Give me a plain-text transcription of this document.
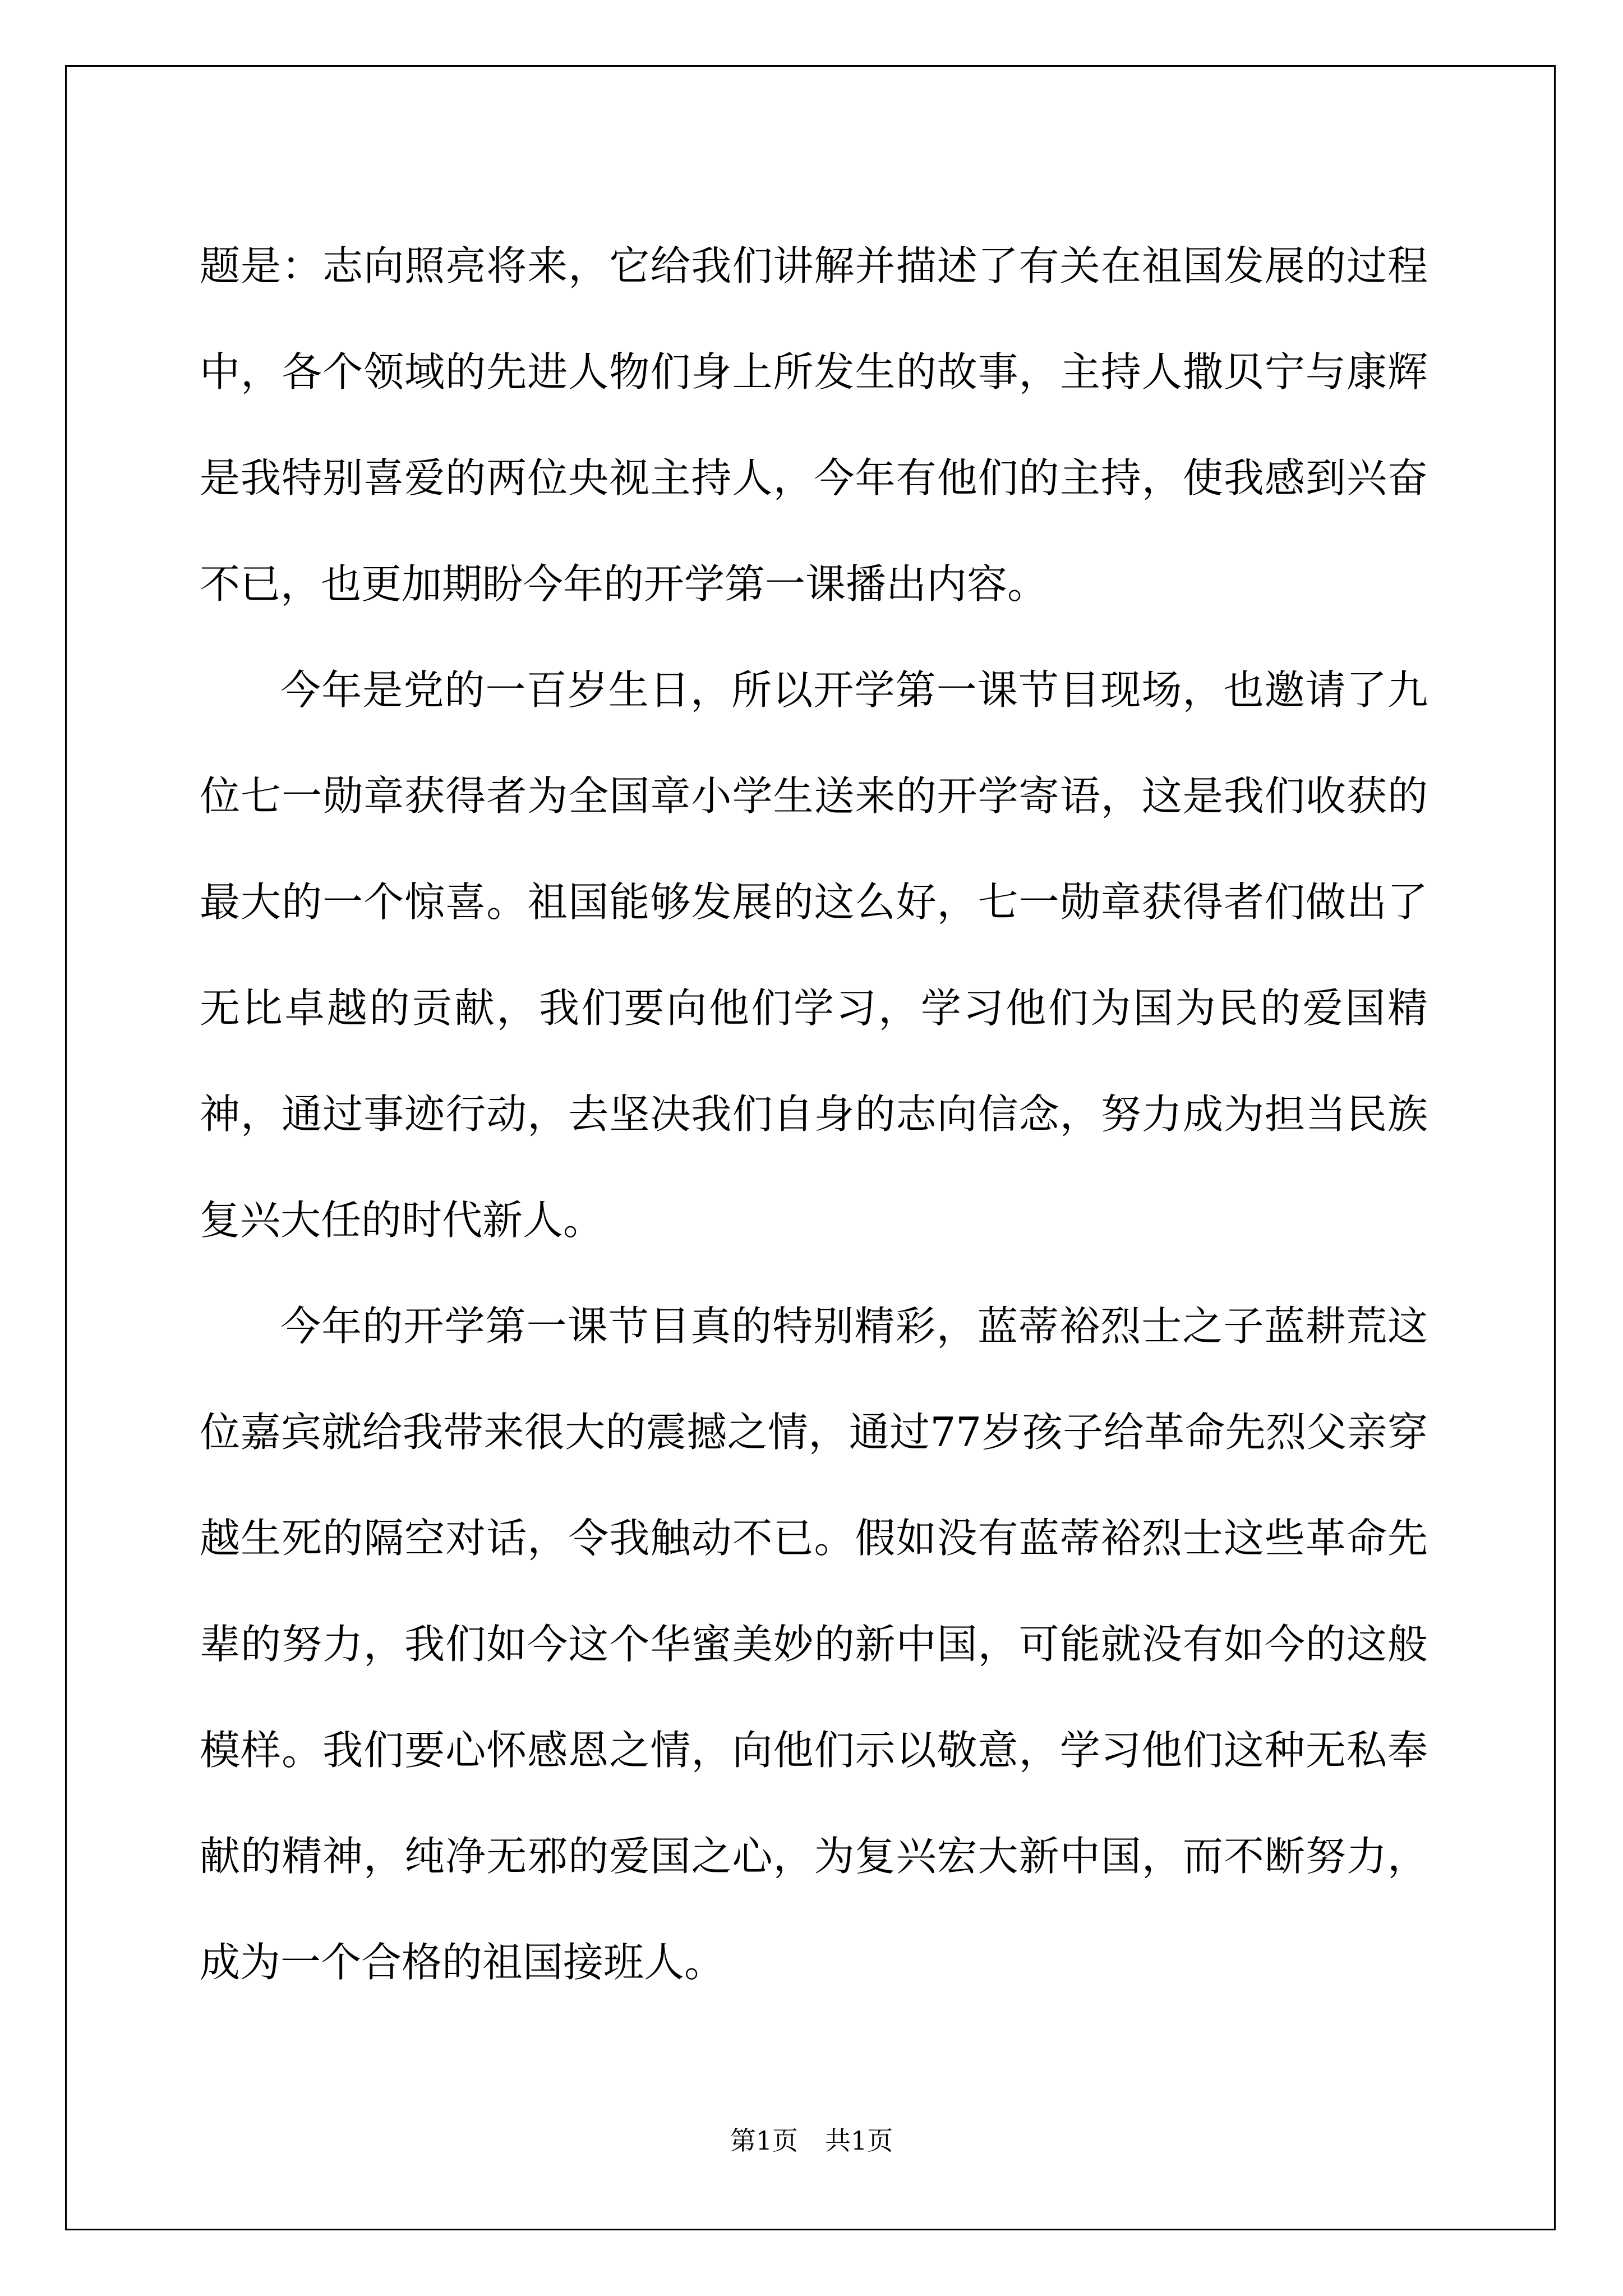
题是：志向照亮将来，它给我们讲解并描述了有关在祖国发展的过程中，各个领域的先进人物们身上所发生的故事，主持人撒贝宁与康辉是我特别喜爱的两位央视主持人，今年有他们的主持，使我感到兴奋不已，也更加期盼今年的开学第一课播出内容。

今年是党的一百岁生日，所以开学第一课节目现场，也邀请了九位七一勋章获得者为全国章小学生送来的开学寄语，这是我们收获的最大的一个惊喜。祖国能够发展的这么好，七一勋章获得者们做出了无比卓越的贡献，我们要向他们学习，学习他们为国为民的爱国精神，通过事迹行动，去坚决我们自身的志向信念，努力成为担当民族复兴大任的时代新人。

今年的开学第一课节目真的特别精彩，蓝蒂裕烈士之子蓝耕荒这位嘉宾就给我带来很大的震撼之情，通过77岁孩子给革命先烈父亲穿越生死的隔空对话，令我触动不已。假如没有蓝蒂裕烈士这些革命先辈的努力，我们如今这个华蜜美妙的新中国，可能就没有如今的这般模样。我们要心怀感恩之情，向他们示以敬意，学习他们这种无私奉献的精神，纯净无邪的爱国之心，为复兴宏大新中国，而不断努力，成为一个合格的祖国接班人。

第1页 共1页
